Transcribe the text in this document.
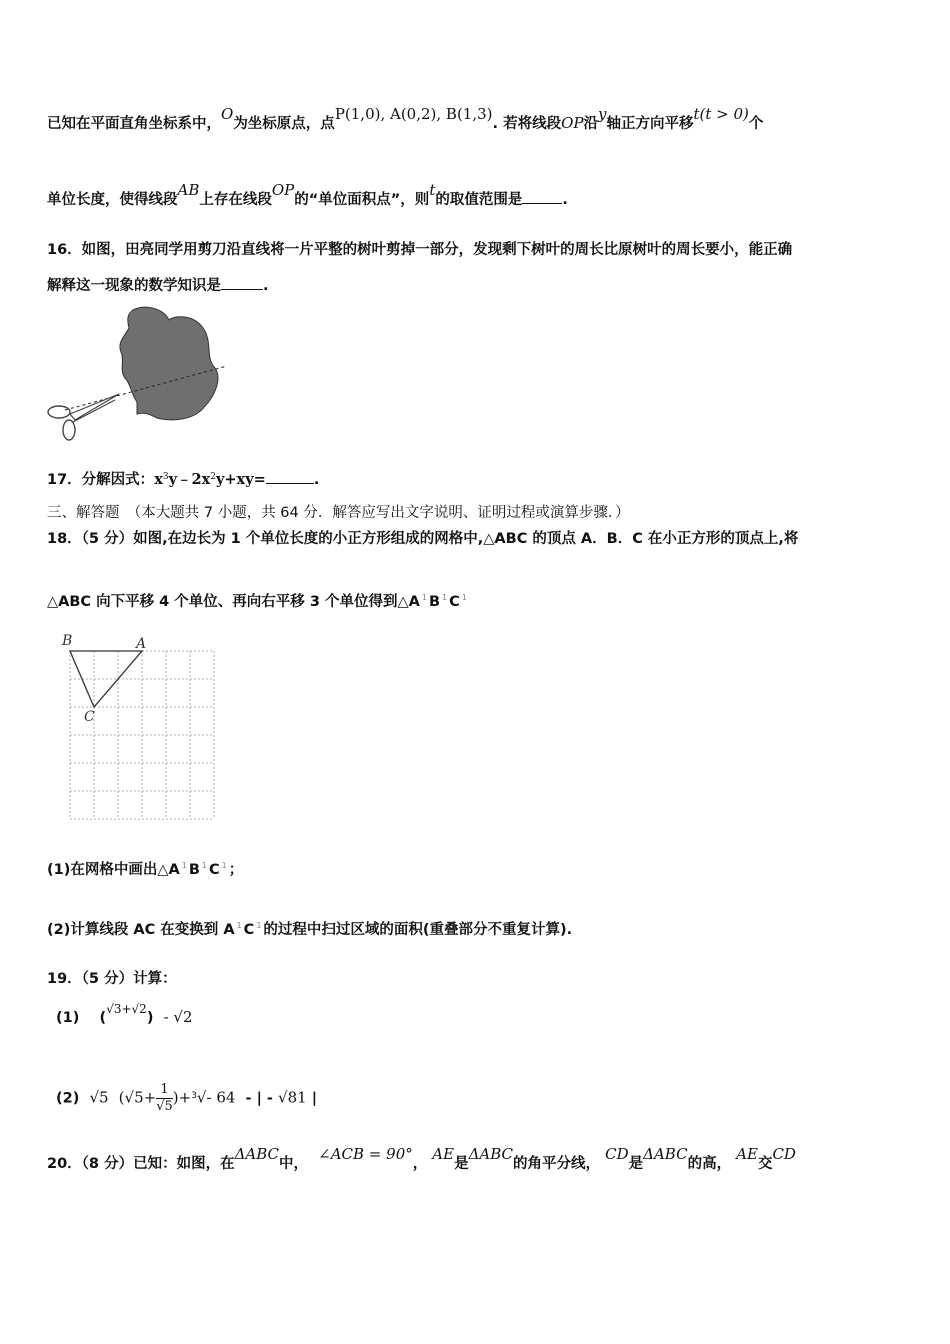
已知在平面直角坐标系中，O为坐标原点，点P(1,0), A(0,2), B(1,3). 若将线段OP沿y轴正方向平移t(t > 0)个
单位长度，使得线段AB上存在线段OP的“单位面积点”，则t的取值范围是	.
16．如图，田亮同学用剪刀沿直线将一片平整的树叶剪掉一部分，发现剩下树叶的周长比原树叶的周长要小，能正确
解释这一现象的数学知识是	.
17．分解因式：$x^3y﹣2x^2y+xy=$	.
三、解答题　（本大题共 7 小题，共 64 分．解答应写出文字说明、证明过程或演算步骤．）
18．（5 分）如图,在边长为 1 个单位长度的小正方形组成的网格中,△ABC 的顶点 A．B．C 在小正方形的顶点上,将
△ABC 向下平移 4 个单位、再向右平移 3 个单位得到△A $^1$ B $^1$ C $^1$
B	A
C
(1)在网格中画出△A $^1$ B $^1$ C $^1$ ；
(2)计算线段 AC 在变换到 A $^1$ C $^1$ 的过程中扫过区域的面积(重叠部分不重复计算).
19．（5 分）计算：
(1) ($^{√3+√2}$) - √2
(2) √5 $(√5+ \frac{1}{√5} )+^3√-$ 64 - | - √81 |
20．（8 分）已知：如图，在ΔABC中，  ∠ACB = 90°， AE是ΔABC的角平分线， CD是ΔABC的高， AE交CD
